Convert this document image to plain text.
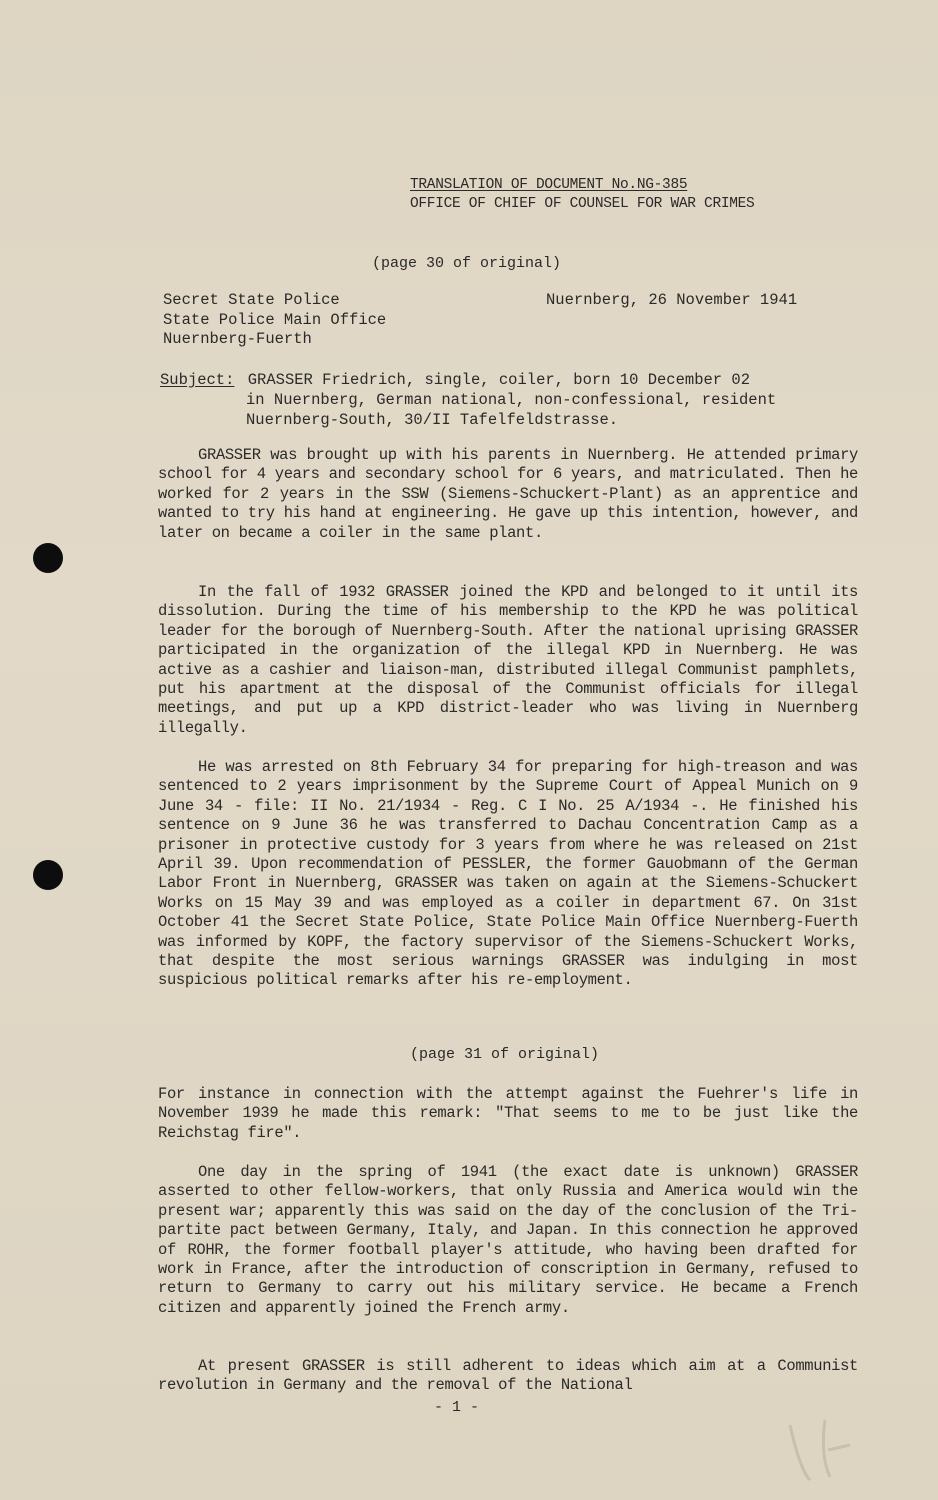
TRANSLATION OF DOCUMENT No.NG-385
OFFICE OF CHIEF OF COUNSEL FOR WAR CRIMES
(page 30 of original)
Secret State Police
State Police Main Office
Nuernberg-Fuerth
Nuernberg, 26 November 1941
Subject: GRASSER Friedrich, single, coiler, born 10 December 02
in Nuernberg, German national, non-confessional, resident
Nuernberg-South, 30/II Tafelfeldstrasse.

GRASSER was brought up with his parents in Nuernberg. He attended primary school for 4 years and secondary school for 6 years, and matriculated. Then he worked for 2 years in the SSW (Siemens-Schuckert-Plant) as an apprentice and wanted to try his hand at engineering. He gave up this intention, however, and later on became a coiler in the same plant.

In the fall of 1932 GRASSER joined the KPD and belonged to it until its dissolution. During the time of his membership to the KPD he was political leader for the borough of Nuernberg-South. After the national uprising GRASSER participated in the organization of the illegal KPD in Nuernberg. He was active as a cashier and liaison-man, distributed illegal Communist pamphlets, put his apartment at the disposal of the Communist officials for illegal meetings, and put up a KPD district-leader who was living in Nuernberg illegally.

He was arrested on 8th February 34 for preparing for high-treason and was sentenced to 2 years imprisonment by the Supreme Court of Appeal Munich on 9 June 34 - file: II No. 21/1934 - Reg. C I No. 25 A/1934 -. He finished his sentence on 9 June 36 he was transferred to Dachau Concentration Camp as a prisoner in protective custody for 3 years from where he was released on 21st April 39. Upon recommendation of PESSLER, the former Gauobmann of the German Labor Front in Nuernberg, GRASSER was taken on again at the Siemens-Schuckert Works on 15 May 39 and was employed as a coiler in department 67. On 31st October 41 the Secret State Police, State Police Main Office Nuernberg-Fuerth was informed by KOPF, the factory supervisor of the Siemens-Schuckert Works, that despite the most serious warnings GRASSER was indulging in most suspicious political remarks after his re-employment.

(page 31 of original)

For instance in connection with the attempt against the Fuehrer's life in November 1939 he made this remark: "That seems to me to be just like the Reichstag fire".

One day in the spring of 1941 (the exact date is unknown) GRASSER asserted to other fellow-workers, that only Russia and America would win the present war; apparently this was said on the day of the conclusion of the Tri-partite pact between Germany, Italy, and Japan. In this connection he approved of ROHR, the former football player's attitude, who having been drafted for work in France, after the introduction of conscription in Germany, refused to return to Germany to carry out his military service. He became a French citizen and apparently joined the French army.

At present GRASSER is still adherent to ideas which aim at a Communist revolution in Germany and the removal of the National

- 1 -
